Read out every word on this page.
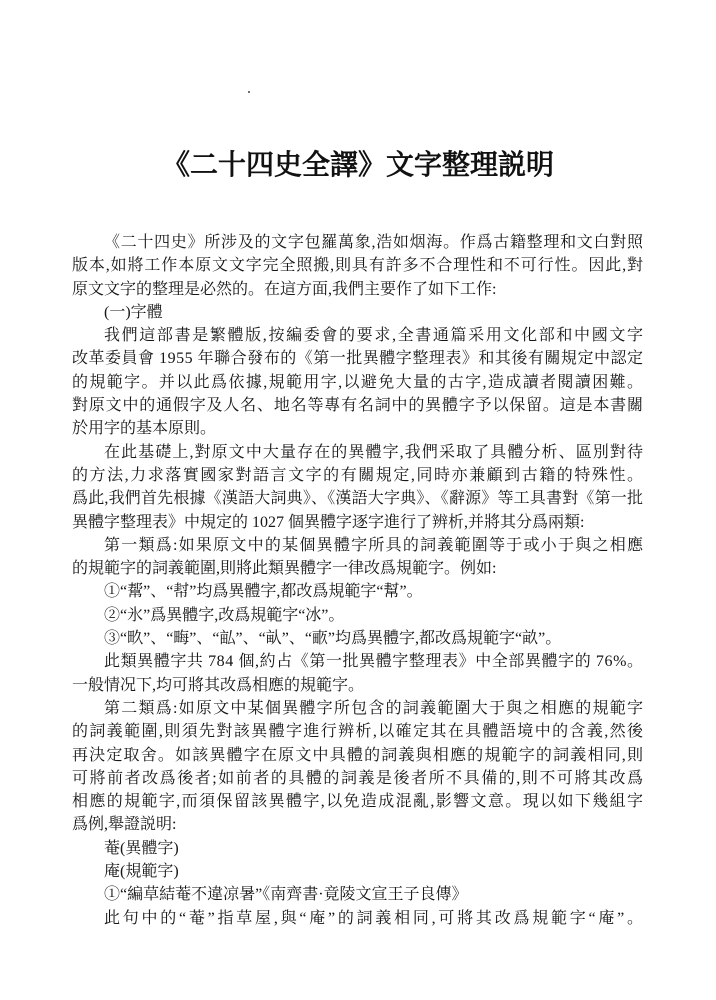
《二十四史全譯》文字整理説明
《二十四史》所涉及的文字包羅萬象,浩如烟海。作爲古籍整理和文白對照
版本,如將工作本原文文字完全照搬,則具有許多不合理性和不可行性。因此,對
原文文字的整理是必然的。在這方面,我們主要作了如下工作:
(一)字體
我們這部書是繁體版,按編委會的要求,全書通篇采用文化部和中國文字
改革委員會 1955 年聯合發布的《第一批異體字整理表》和其後有關規定中認定
的規範字。并以此爲依據,規範用字,以避免大量的古字,造成讀者閱讀困難。
對原文中的通假字及人名、地名等專有名詞中的異體字予以保留。這是本書關
於用字的基本原則。
在此基礎上,對原文中大量存在的異體字,我們采取了具體分析、區別對待
的方法,力求落實國家對語言文字的有關規定,同時亦兼顧到古籍的特殊性。
爲此,我們首先根據《漢語大詞典》、《漢語大字典》、《辭源》等工具書對《第一批
異體字整理表》中規定的 1027 個異體字逐字進行了辨析,并將其分爲兩類:
第一類爲:如果原文中的某個異體字所具的詞義範圍等于或小于與之相應
的規範字的詞義範圍,則將此類異體字一律改爲規範字。例如:
①“幚”、“幇”均爲異體字,都改爲規範字“幫”。
②“氷”爲異體字,改爲規範字“冰”。
③“畂”、“畮”、“畆”、“畒”、“畞”均爲異體字,都改爲規範字“畝”。
此類異體字共 784 個,約占《第一批異體字整理表》中全部異體字的 76%。
一般情况下,均可將其改爲相應的規範字。
第二類爲:如原文中某個異體字所包含的詞義範圍大于與之相應的規範字
的詞義範圍,則須先對該異體字進行辨析,以確定其在具體語境中的含義,然後
再決定取舍。如該異體字在原文中具體的詞義與相應的規範字的詞義相同,則
可將前者改爲後者;如前者的具體的詞義是後者所不具備的,則不可將其改爲
相應的規範字,而須保留該異體字,以免造成混亂,影響文意。現以如下幾組字
爲例,舉證説明:
菴(異體字)
庵(規範字)
①“編草結菴不違凉暑”《南齊書·竟陵文宣王子良傳》
此句中的“菴”指草屋,與“庵”的詞義相同,可將其改爲規範字“庵”。
